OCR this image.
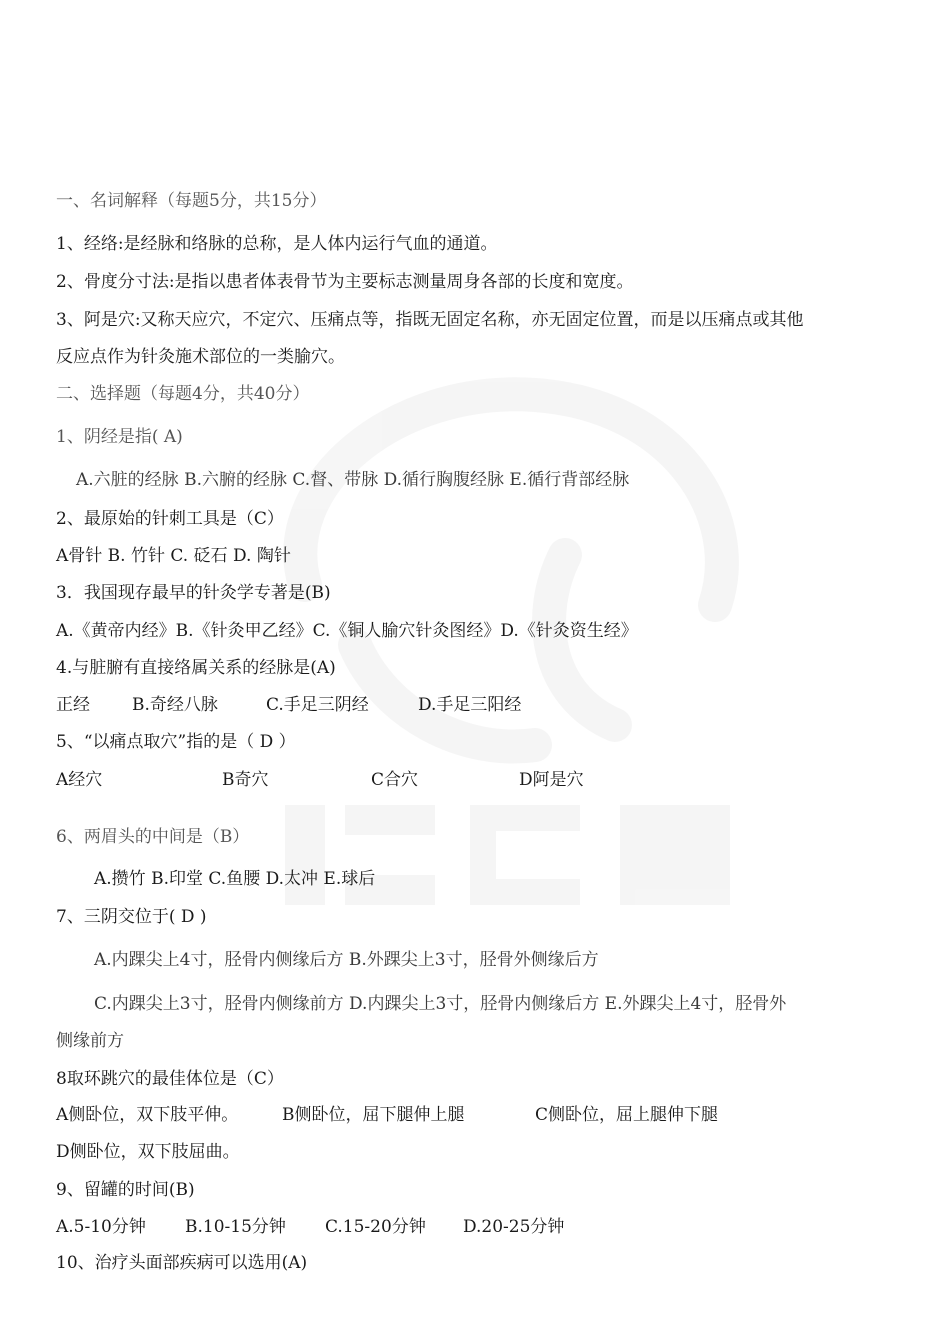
一、名词解释（每题5分，共15分）
1、经络:是经脉和络脉的总称，是人体内运行气血的通道。
2、骨度分寸法:是指以患者体表骨节为主要标志测量周身各部的长度和宽度。
3、阿是穴:又称天应穴，不定穴、压痛点等，指既无固定名称，亦无固定位置，而是以压痛点或其他
反应点作为针灸施术部位的一类腧穴。
二、选择题（每题4分，共40分）
1、阴经是指( A)
A.六脏的经脉 B.六腑的经脉 C.督、带脉 D.循行胸腹经脉 E.循行背部经脉
2、最原始的针刺工具是（C）
A骨针 B. 竹针 C. 砭石 D. 陶针
3．我国现存最早的针灸学专著是(B)
A.《黄帝内经》B.《针灸甲乙经》C.《铜人腧穴针灸图经》D.《针灸资生经》
4.与脏腑有直接络属关系的经脉是(A)
正经 B.奇经八脉	C.手足三阴经	D.手足三阳经
5、“以痛点取穴”指的是（ D ）
A经穴	B奇穴	C合穴	D阿是穴
6、两眉头的中间是（B）
A.攒竹 B.印堂 C.鱼腰 D.太冲 E.球后
7、三阴交位于( D )
A.内踝尖上4寸，胫骨内侧缘后方 B.外踝尖上3寸，胫骨外侧缘后方
C.内踝尖上3寸，胫骨内侧缘前方 D.内踝尖上3寸，胫骨内侧缘后方 E.外踝尖上4寸，胫骨外
侧缘前方
8取环跳穴的最佳体位是（C）
A侧卧位，双下肢平伸。	B侧卧位，屈下腿伸上腿	C侧卧位，屈上腿伸下腿
D侧卧位，双下肢屈曲。
9、留罐的时间(B)
A.5-10分钟 B.10-15分钟 C.15-20分钟 D.20-25分钟
10、治疗头面部疾病可以选用(A)
